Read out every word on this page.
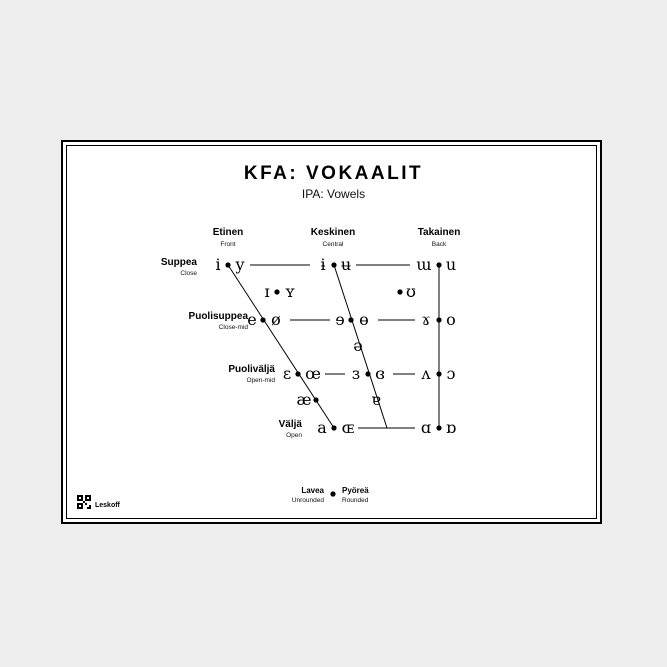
KFA: VOKAALIT
IPA: Vowels
Etinen
Front
Keskinen
Central
Takainen
Back
Suppea
Close
Puolisuppea
Close-mid
Puoliväljä
Open-mid
Väljä
Open
i y	ɨ ʉ	ɯ u
ɪ ʏ	ʊ
e ø	ɘ ɵ	ɤ o
ə
ɛ œ ɜ ɞ ʌ ɔ
æ	ɐ
a ɶ	ɑ ɒ
Lavea
Unrounded
Pyöreä
Rounded
Leskoff
